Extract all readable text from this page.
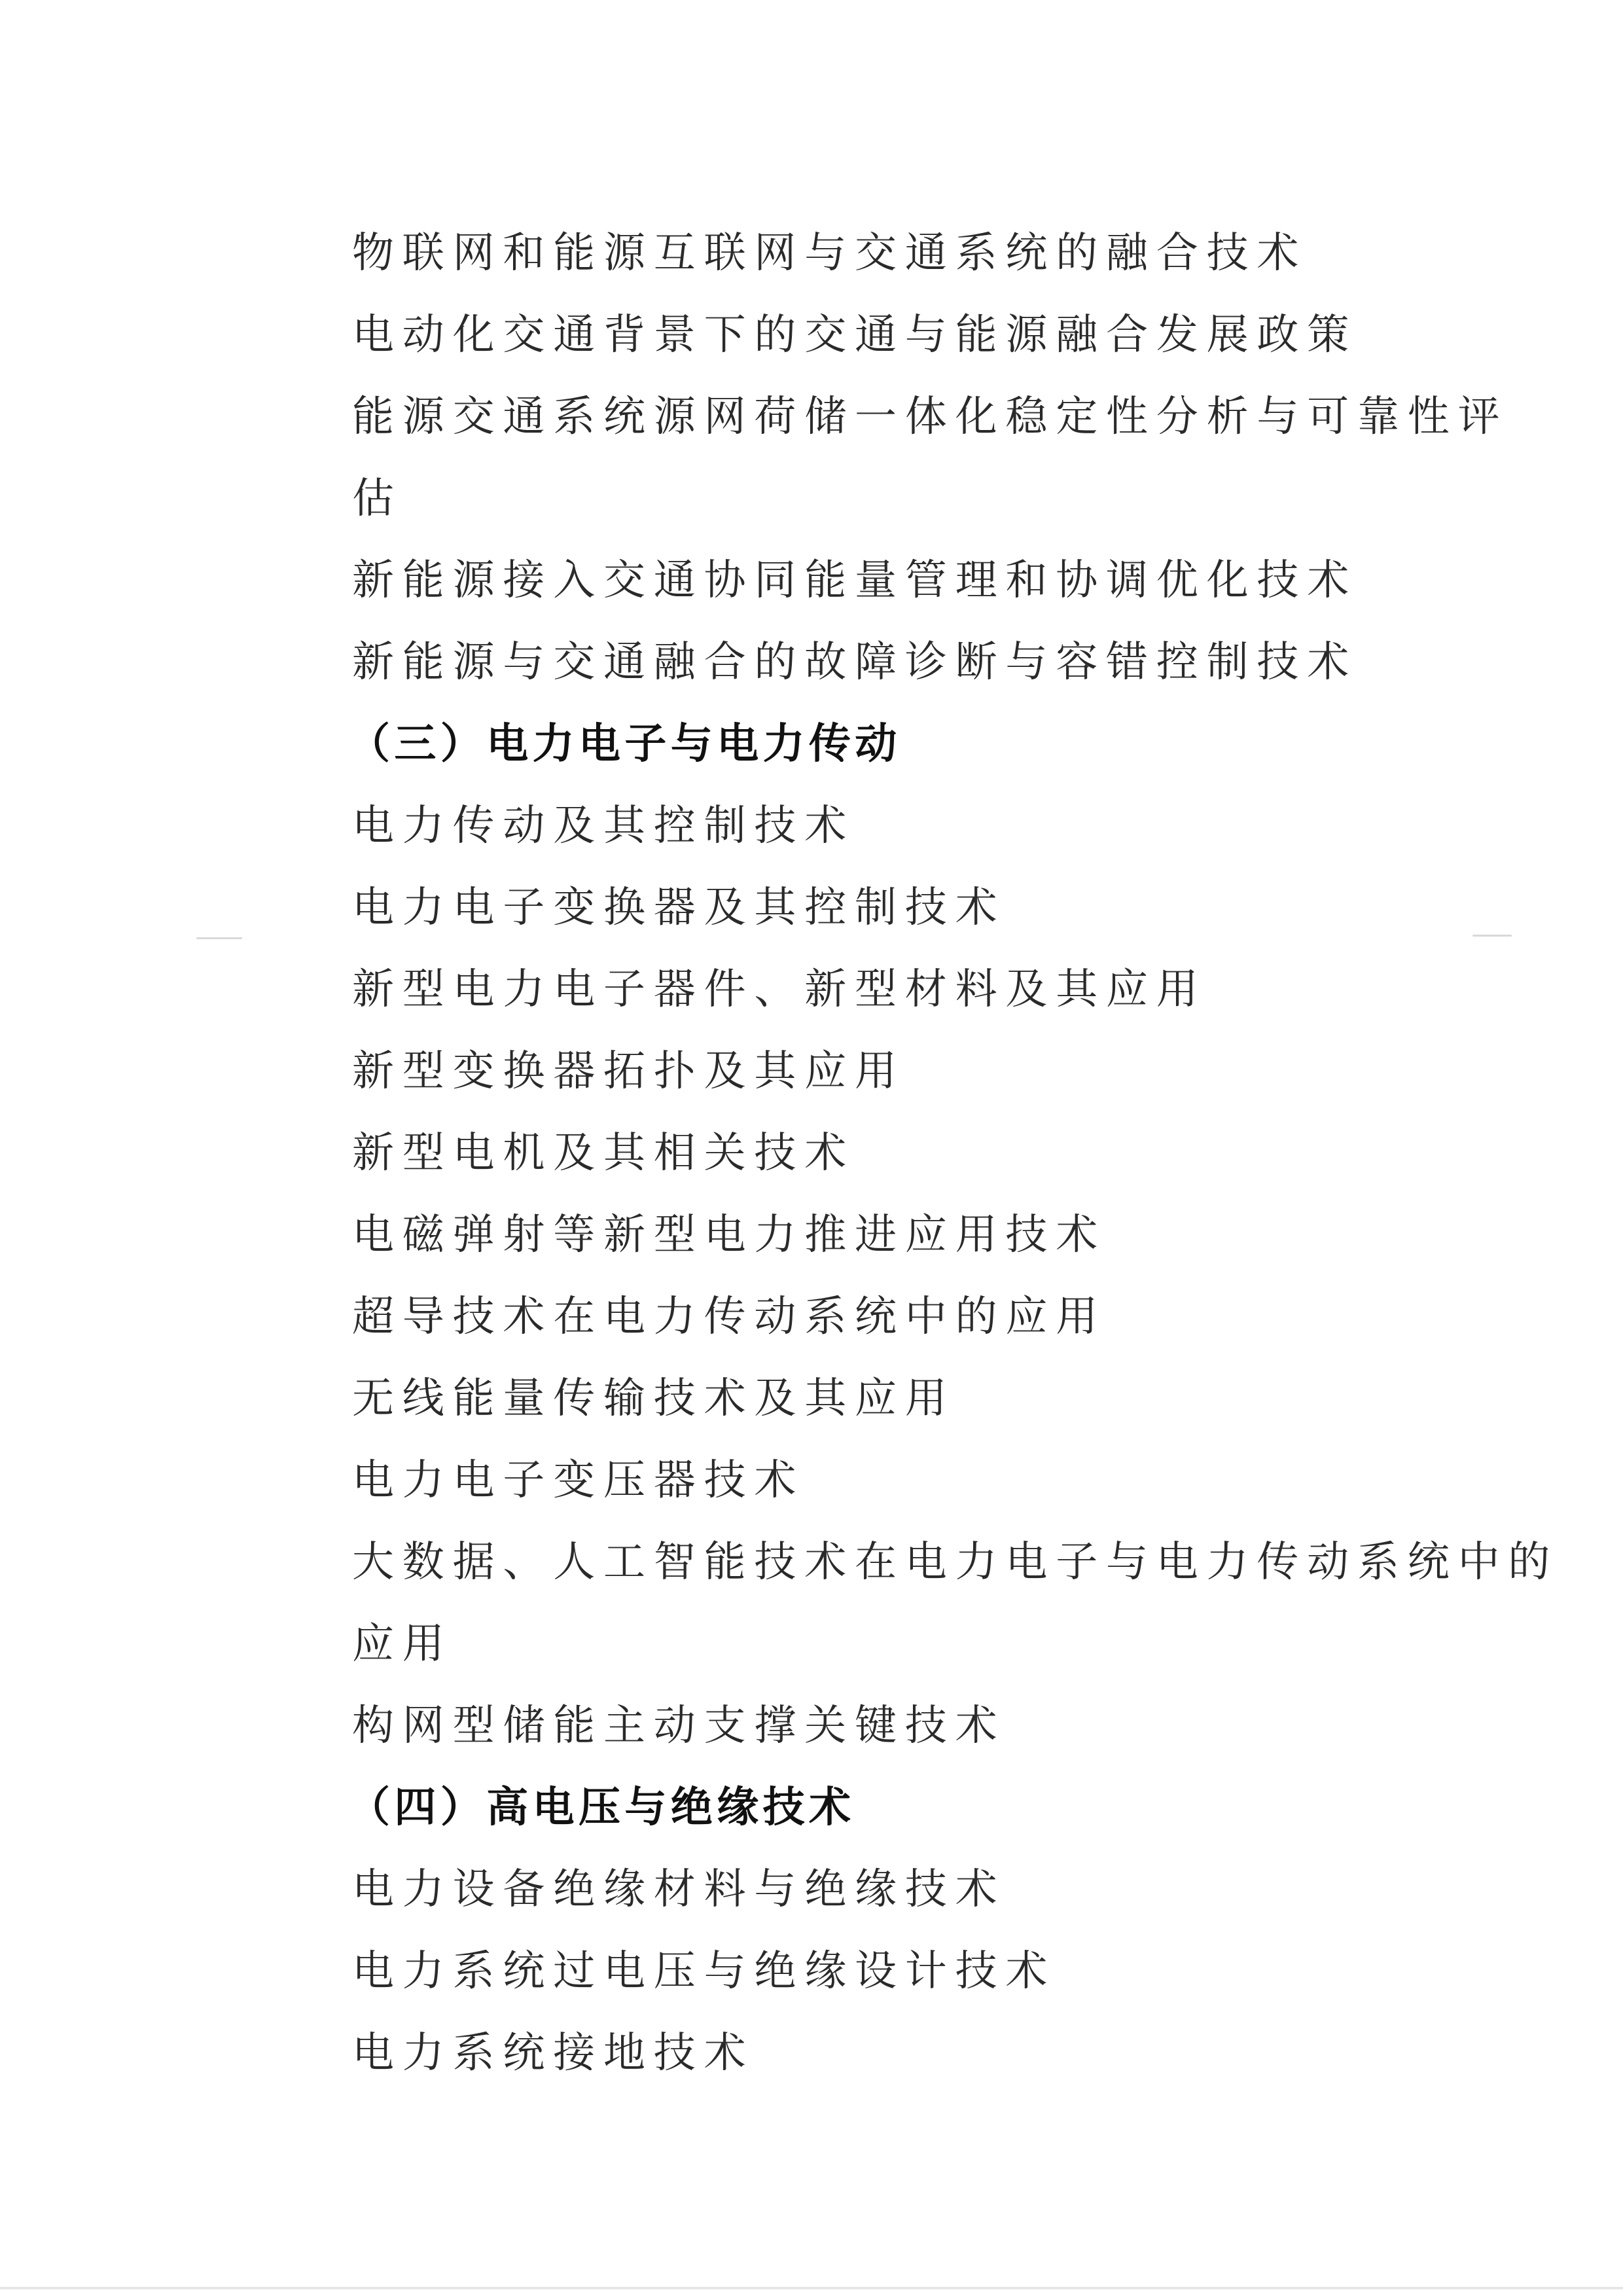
物联网和能源互联网与交通系统的融合技术
电动化交通背景下的交通与能源融合发展政策
能源交通系统源网荷储一体化稳定性分析与可靠性评
估
新能源接入交通协同能量管理和协调优化技术
新能源与交通融合的故障诊断与容错控制技术
（三）电力电子与电力传动
电力传动及其控制技术
电力电子变换器及其控制技术
新型电力电子器件、新型材料及其应用
新型变换器拓扑及其应用
新型电机及其相关技术
电磁弹射等新型电力推进应用技术
超导技术在电力传动系统中的应用
无线能量传输技术及其应用
电力电子变压器技术
大数据、人工智能技术在电力电子与电力传动系统中的
应用
构网型储能主动支撑关键技术
（四）高电压与绝缘技术
电力设备绝缘材料与绝缘技术
电力系统过电压与绝缘设计技术
电力系统接地技术
